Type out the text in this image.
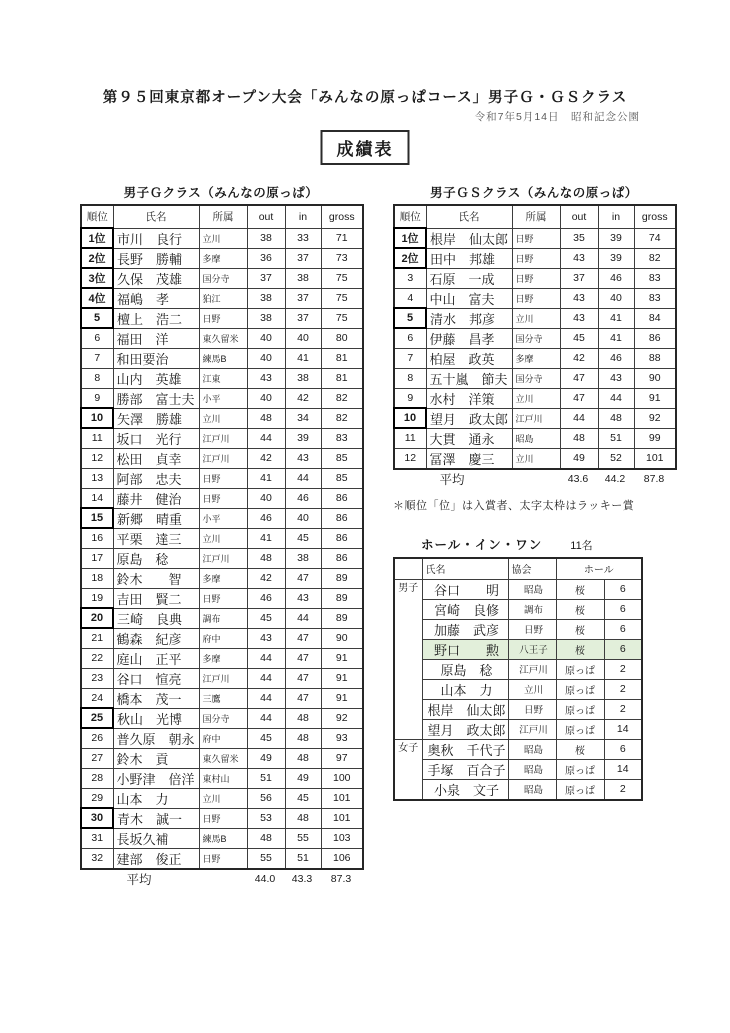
第９５回東京都オープン大会「みんなの原っぱコース」男子Ｇ・ＧＳクラス
令和7年5月14日　昭和記念公園
成績表
男子Ｇクラス（みんなの原っぱ）
順位	氏名	所属	out	in	gross
1位	市川　良行	立川	38	33	71
2位	長野　勝輔	多摩	36	37	73
3位	久保　茂雄	国分寺	37	38	75
4位	福嶋　孝	狛江	38	37	75
5	檀上　浩二	日野	38	37	75
6	福田　洋	東久留米	40	40	80
7	和田要治	練馬B	40	41	81
8	山内　英雄	江東	43	38	81
9	勝部　富士夫	小平	40	42	82
10	矢澤　勝雄	立川	48	34	82
11	坂口　光行	江戸川	44	39	83
12	松田　貞幸	江戸川	42	43	85
13	阿部　忠夫	日野	41	44	85
14	藤井　健治	日野	40	46	86
15	新郷　晴重	小平	46	40	86
16	平栗　達三	立川	41	45	86
17	原島　稔	江戸川	48	38	86
18	鈴木　　智	多摩	42	47	89
19	吉田　賢二	日野	46	43	89
20	三崎　良典	調布	45	44	89
21	鶴森　紀彦	府中	43	47	90
22	庭山　正平	多摩	44	47	91
23	谷口　愃亮	江戸川	44	47	91
24	橋本　茂一	三鷹	44	47	91
25	秋山　光博	国分寺	44	48	92
26	普久原　朝永	府中	45	48	93
27	鈴木　貢	東久留米	49	48	97
28	小野津　倍洋	東村山	51	49	100
29	山本　力	立川	56	45	101
30	青木　誠一	日野	53	48	101
31	長坂久補	練馬B	48	55	103
32	建部　俊正	日野	55	51	106
平均	44.0	43.3	87.3
男子ＧＳクラス（みんなの原っぱ）
順位	氏名	所属	out	in	gross
1位	根岸　仙太郎	日野	35	39	74
2位	田中　邦雄	日野	43	39	82
3	石原　一成	日野	37	46	83
4	中山　富夫	日野	43	40	83
5	清水　邦彦	立川	43	41	84
6	伊藤　昌孝	国分寺	45	41	86
7	柏屋　政英	多摩	42	46	88
8	五十嵐　節夫	国分寺	47	43	90
9	水村　洋策	立川	47	44	91
10	望月　政太郎	江戸川	44	48	92
11	大貫　通永	昭島	48	51	99
12	冨澤　慶三	立川	49	52	101
平均	43.6	44.2	87.8
＊順位「位」は入賞者、太字太枠はラッキー賞
ホール・イン・ワン	11名
	氏名	協会	ホール	
男子	谷口　　明	昭島	桜	6
	宮崎　良修	調布	桜	6
	加藤　武彦	日野	桜	6
	野口　　勲	八王子	桜	6
	原島　稔	江戸川	原っぱ	2
	山本　力	立川	原っぱ	2
	根岸　仙太郎	日野	原っぱ	2
	望月　政太郎	江戸川	原っぱ	14
女子	奥秋　千代子	昭島	桜	6
	手塚　百合子	昭島	原っぱ	14
	小泉　文子	昭島	原っぱ	2
